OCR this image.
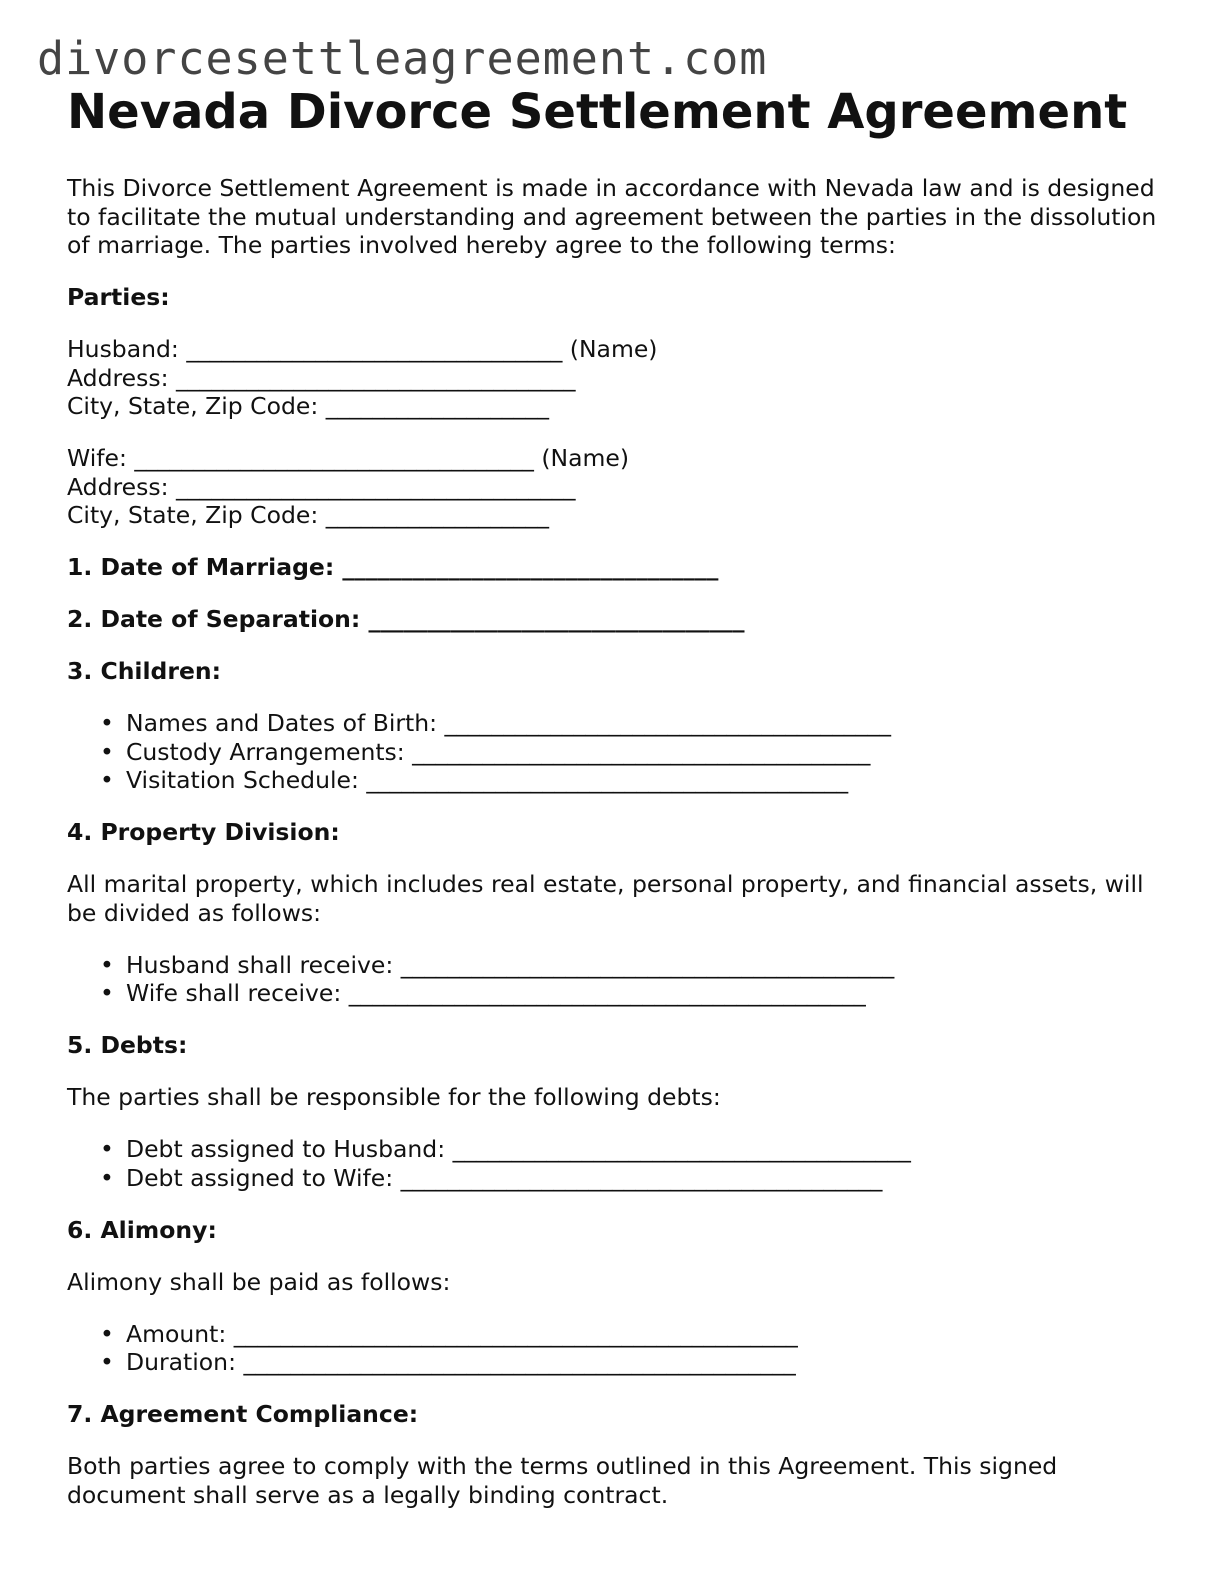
divorcesettleagreement.com
Nevada Divorce Settlement Agreement

This Divorce Settlement Agreement is made in accordance with Nevada law and is designed to facilitate the mutual understanding and agreement between the parties in the dissolution of marriage. The parties involved hereby agree to the following terms:

Parties:

Husband: ________________________________ (Name)
Address: __________________________________
City, State, Zip Code: ___________________
Wife: __________________________________ (Name)
Address: __________________________________
City, State, Zip Code: ___________________

1. Date of Marriage: ________________________________

2. Date of Separation: ________________________________

3. Children:

• Names and Dates of Birth: ______________________________________
• Custody Arrangements: _______________________________________
• Visitation Schedule: _________________________________________

4. Property Division:

All marital property, which includes real estate, personal property, and financial assets, will be divided as follows:

• Husband shall receive: __________________________________________
• Wife shall receive: ____________________________________________

5. Debts:

The parties shall be responsible for the following debts:

• Debt assigned to Husband: _______________________________________
• Debt assigned to Wife: _________________________________________

6. Alimony:

Alimony shall be paid as follows:

• Amount: ________________________________________________
• Duration: _______________________________________________

7. Agreement Compliance:

Both parties agree to comply with the terms outlined in this Agreement. This signed document shall serve as a legally binding contract.
